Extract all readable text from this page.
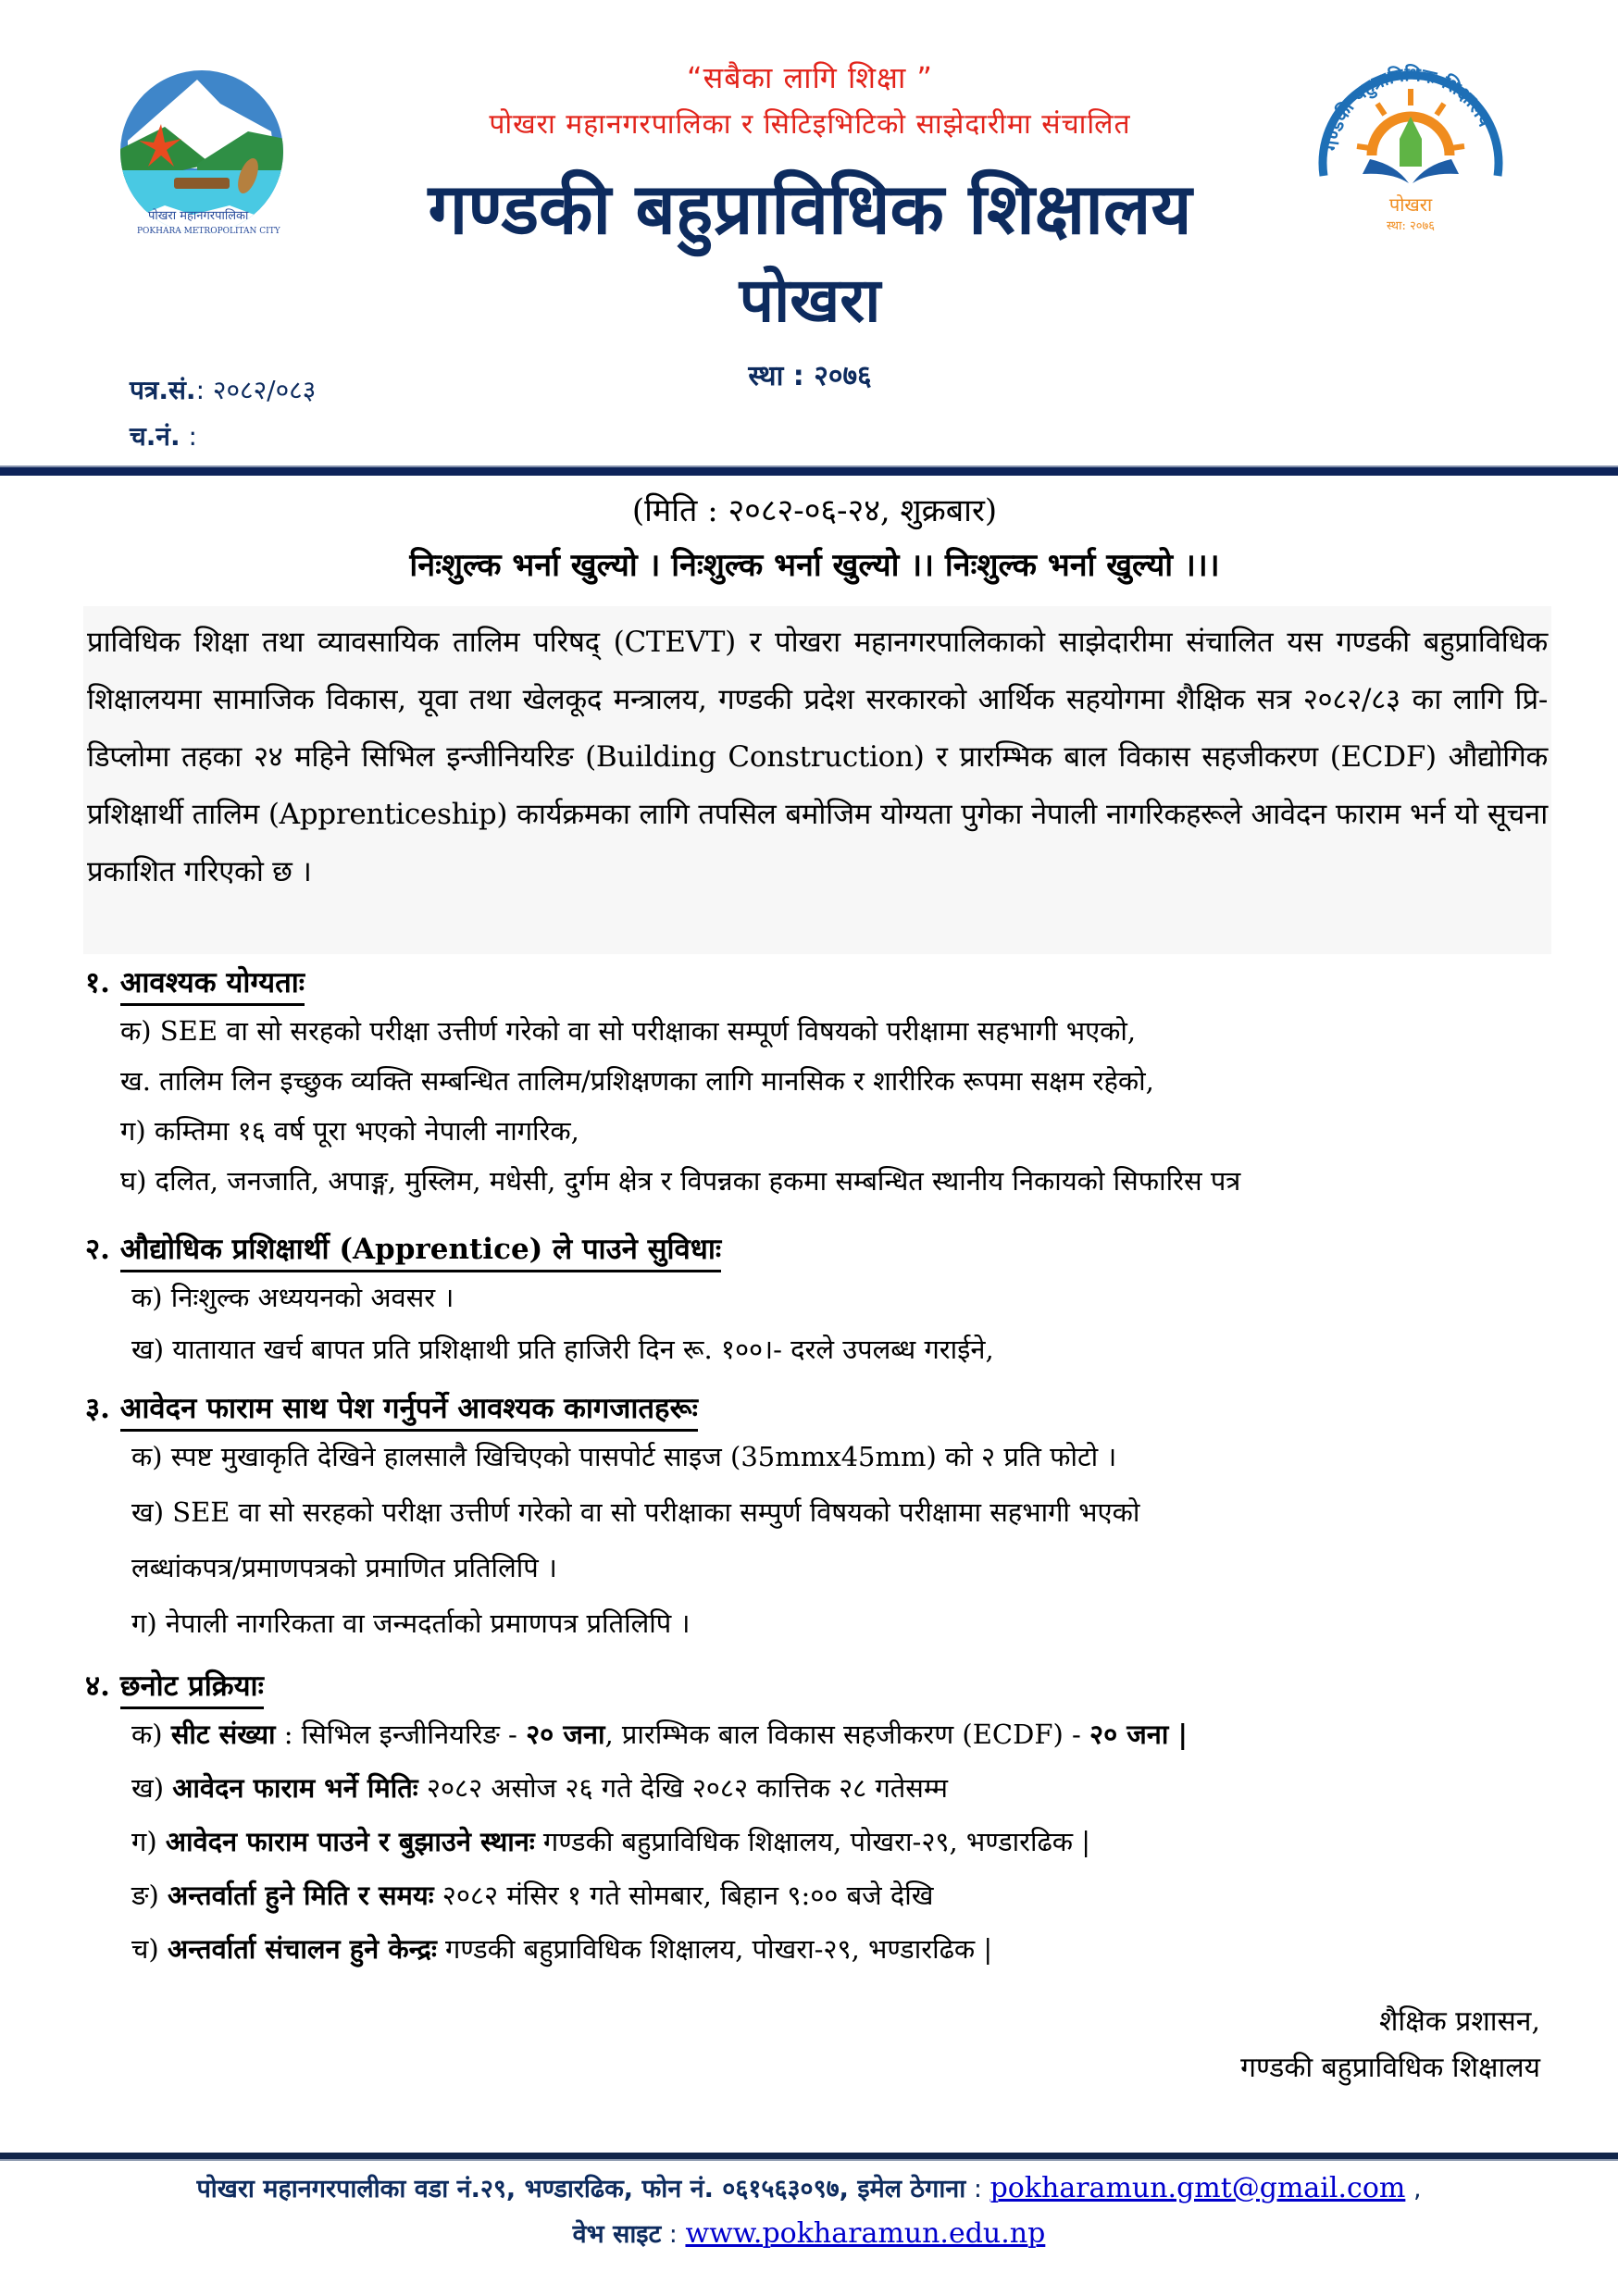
पोखरा महानगरपालिका
POKHARA METROPOLITAN CITY
गण्डकी बहुप्राविधिक शिक्षालय
पोखरा
स्था: २०७६
“सबैका लागि शिक्षा ”
पोखरा महानगरपालिका र सिटिइभिटिको साझेदारीमा संचालित
गण्डकी बहुप्राविधिक शिक्षालय
पोखरा
स्था : २०७६
पत्र.सं.: २०८२/०८३
च.नं. :
(मिति : २०८२-०६-२४, शुक्रबार)
निःशुल्क भर्ना खुल्यो । निःशुल्क भर्ना खुल्यो ।। निःशुल्क भर्ना खुल्यो ।।।
प्राविधिक शिक्षा तथा व्यावसायिक तालिम परिषद् (CTEVT) र पोखरा महानगरपालिकाको साझेदारीमा संचालित यस गण्डकी बहुप्राविधिक शिक्षालयमा सामाजिक विकास, यूवा तथा खेलकूद मन्त्रालय, गण्डकी प्रदेश सरकारको आर्थिक सहयोगमा शैक्षिक सत्र २०८२/८३ का लागि प्रि- डिप्लोमा तहका २४ महिने सिभिल इन्जीनियरिङ (Building Construction) र प्रारम्भिक बाल विकास सहजीकरण (ECDF) औद्योगिक प्रशिक्षार्थी तालिम (Apprenticeship) कार्यक्रमका लागि तपसिल बमोजिम योग्यता पुगेका नेपाली नागरिकहरूले आवेदन फाराम भर्न यो सूचना प्रकाशित गरिएको छ ।
१. आवश्यक योग्यताः
क) SEE वा सो सरहको परीक्षा उत्तीर्ण गरेको वा सो परीक्षाका सम्पूर्ण विषयको परीक्षामा सहभागी भएको,
ख. तालिम लिन इच्छुक व्यक्ति सम्बन्धित तालिम/प्रशिक्षणका लागि मानसिक र शारीरिक रूपमा सक्षम रहेको,
ग) कम्तिमा १६ वर्ष पूरा भएको नेपाली नागरिक,
घ) दलित, जनजाति, अपाङ्ग, मुस्लिम, मधेसी, दुर्गम क्षेत्र र विपन्नका हकमा सम्बन्धित स्थानीय निकायको सिफारिस पत्र
२. औद्योधिक प्रशिक्षार्थी (Apprentice) ले पाउने सुविधाः
क) निःशुल्क अध्ययनको अवसर ।
ख) यातायात खर्च बापत प्रति प्रशिक्षाथी प्रति हाजिरी दिन रू. १००।- दरले उपलब्ध गराईने,
३. आवेदन फाराम साथ पेश गर्नुपर्ने आवश्यक कागजातहरूः
क) स्पष्ट मुखाकृति देखिने हालसालै खिचिएको पासपोर्ट साइज (35mmx45mm) को २ प्रति फोटो ।
ख) SEE वा सो सरहको परीक्षा उत्तीर्ण गरेको वा सो परीक्षाका सम्पुर्ण विषयको परीक्षामा सहभागी भएको
लब्धांकपत्र/प्रमाणपत्रको प्रमाणित प्रतिलिपि ।
ग) नेपाली नागरिकता वा जन्मदर्ताको प्रमाणपत्र प्रतिलिपि ।
४. छनोट प्रक्रियाः
क) सीट संख्या : सिभिल इन्जीनियरिङ - २० जना, प्रारम्भिक बाल विकास सहजीकरण (ECDF) - २० जना |
ख) आवेदन फाराम भर्ने मितिः २०८२ असोज २६ गते देखि २०८२ कात्तिक २८ गतेसम्म
ग) आवेदन फाराम पाउने र बुझाउने स्थानः गण्डकी बहुप्राविधिक शिक्षालय, पोखरा-२९, भण्डारढिक |
ङ) अन्तर्वार्ता हुने मिति र समयः २०८२ मंसिर १ गते सोमबार, बिहान ९:०० बजे देखि
च) अन्तर्वार्ता संचालन हुने केन्द्रः गण्डकी बहुप्राविधिक शिक्षालय, पोखरा-२९, भण्डारढिक |
शैक्षिक प्रशासन,
गण्डकी बहुप्राविधिक शिक्षालय
पोखरा महानगरपालीका वडा नं.२९, भण्डारढिक, फोन नं. ०६१५६३०९७, इमेल ठेगाना : pokharamun.gmt@gmail.com ,
वेभ साइट : www.pokharamun.edu.np
